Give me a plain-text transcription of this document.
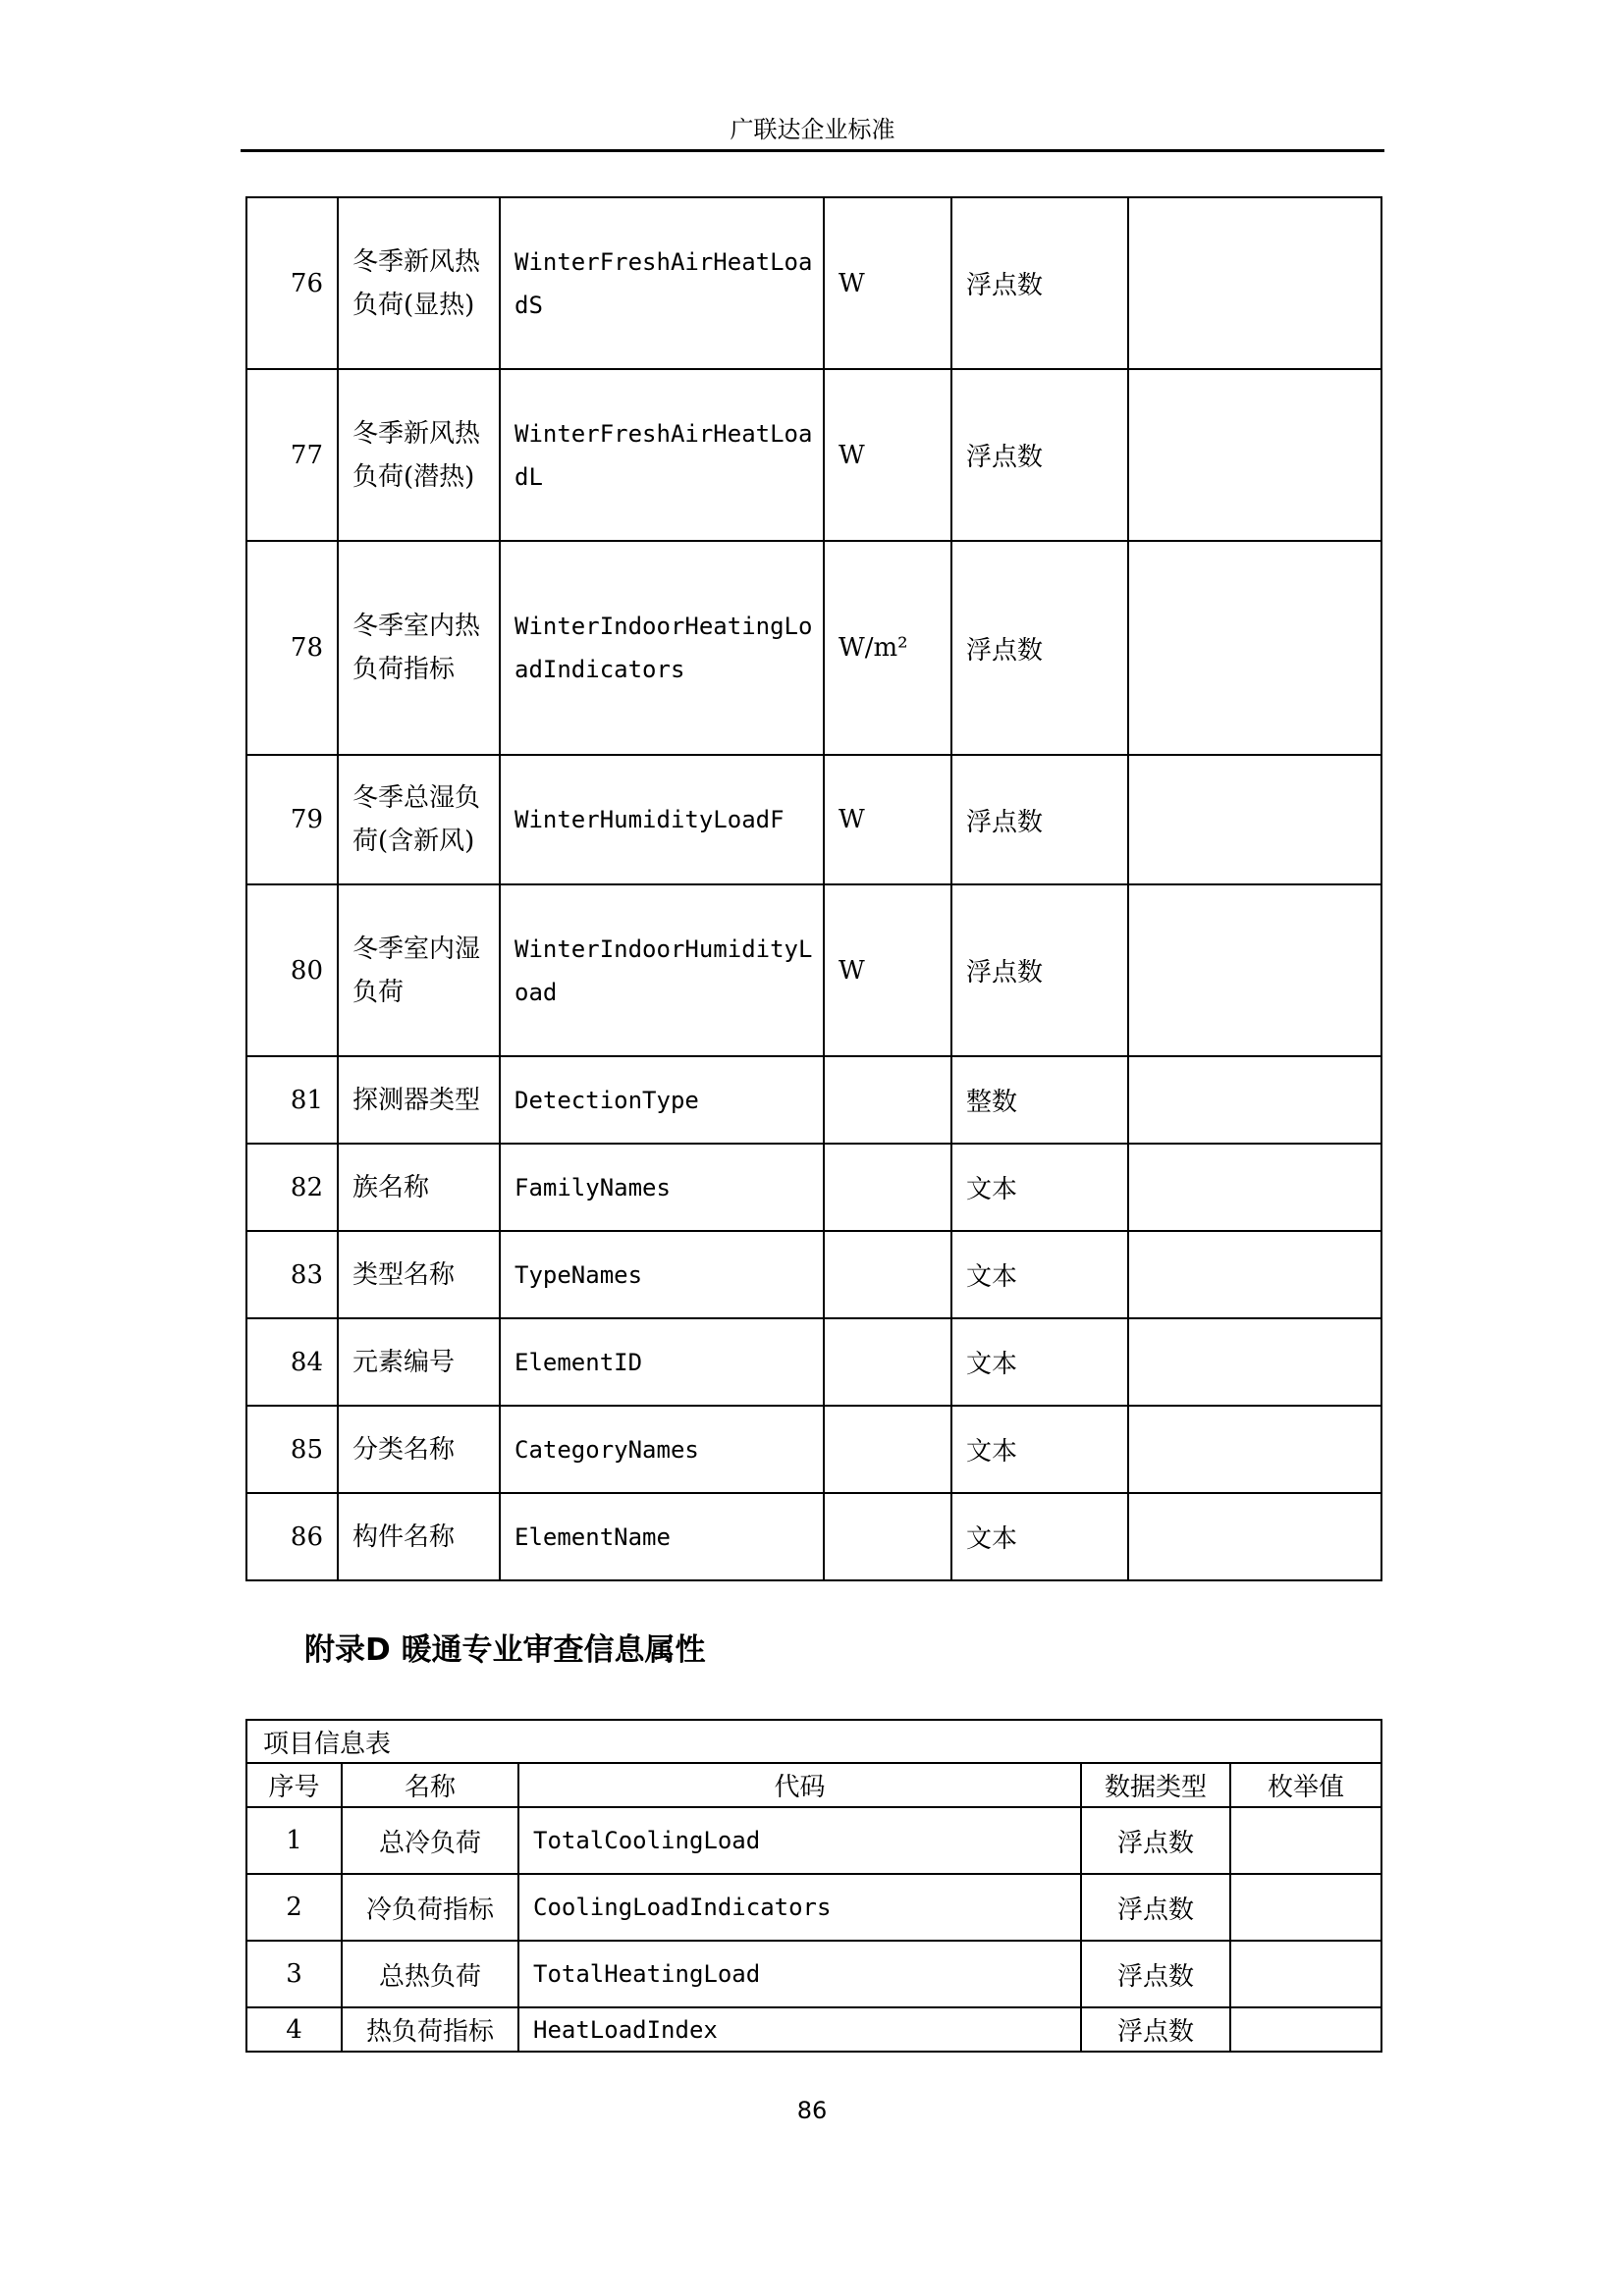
广联达企业标准
76	冬季新风热负荷(显热)	WinterFreshAirHeatLoadS	W	浮点数	
77	冬季新风热负荷(潜热)	WinterFreshAirHeatLoadL	W	浮点数	
78	冬季室内热负荷指标	WinterIndoorHeatingLoadIndicators	W/m²	浮点数	
79	冬季总湿负荷(含新风)	WinterHumidityLoadF	W	浮点数	
80	冬季室内湿负荷	WinterIndoorHumidityLoad	W	浮点数	
81	探测器类型	DetectionType		整数	
82	族名称	FamilyNames		文本	
83	类型名称	TypeNames		文本	
84	元素编号	ElementID		文本	
85	分类名称	CategoryNames		文本	
86	构件名称	ElementName		文本	
附录D 暖通专业审查信息属性
项目信息表				
序号	名称	代码	数据类型	枚举值
1	总冷负荷	TotalCoolingLoad	浮点数	
2	冷负荷指标	CoolingLoadIndicators	浮点数	
3	总热负荷	TotalHeatingLoad	浮点数	
4	热负荷指标	HeatLoadIndex	浮点数	
86
